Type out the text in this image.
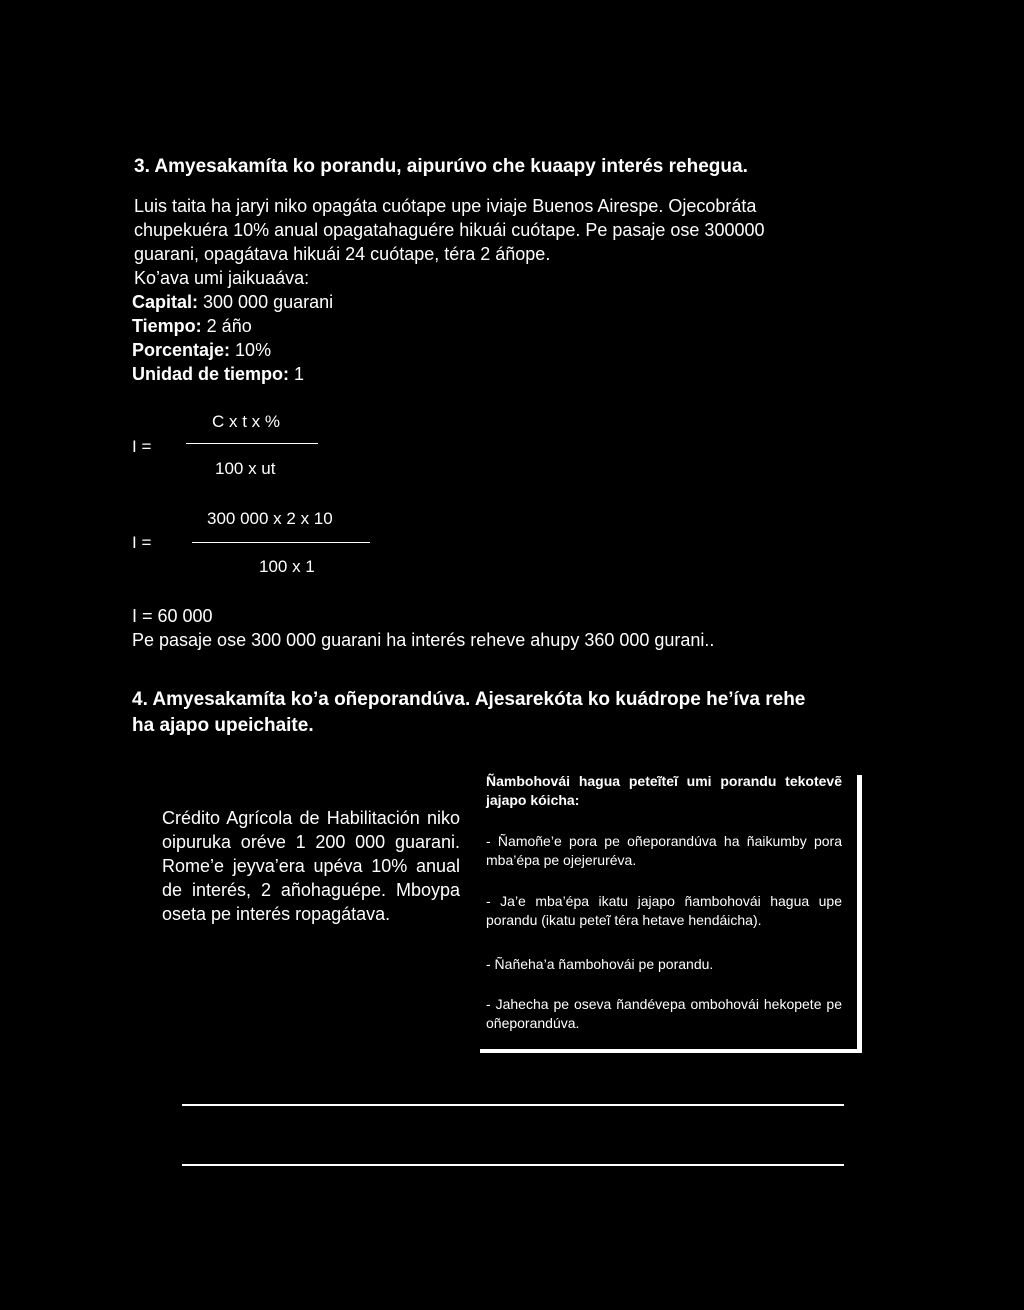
3. Amyesakamíta ko porandu, aipurúvo che kuaapy interés rehegua.
Luis taita ha jaryi niko opagáta cuótape upe iviaje Buenos Airespe. Ojecobráta
chupekuéra 10% anual opagatahaguére hikuái cuótape. Pe pasaje ose 300000
guarani, opagátava hikuái 24 cuótape, téra 2 áñope.
Ko’ava umi jaikuaáva:
Capital: 300 000 guarani
Tiempo: 2 áño
Porcentaje: 10%
Unidad de tiempo: 1
I =
C x t x %
100 x ut
I =
300 000 x 2 x 10
100 x 1
I = 60 000
Pe pasaje ose 300 000 guarani ha interés reheve ahupy 360 000 gurani..
4. Amyesakamíta ko’a oñeporandúva. Ajesarekóta ko kuádrope he’íva rehe
ha ajapo upeichaite.
Crédito Agrícola de Habilitación niko oipuruka oréve 1 200 000 guarani. Rome’e jeyva’era upéva 10% anual de interés, 2 añohaguépe. Mboypa oseta pe interés ropagátava.
Ñambohovái hagua peteĩteĩ umi porandu tekotevẽ jajapo kóicha:
- Ñamoñe’e pora pe oñeporandúva ha ñaikumby pora mba’épa pe ojejeruréva.
- Ja’e mba’épa ikatu jajapo ñambohovái hagua upe porandu (ikatu peteĩ téra hetave hendáicha).
- Ñañeha’a ñambohovái pe porandu.
- Jahecha pe oseva ñandévepa ombohovái hekopete pe oñeporandúva.
